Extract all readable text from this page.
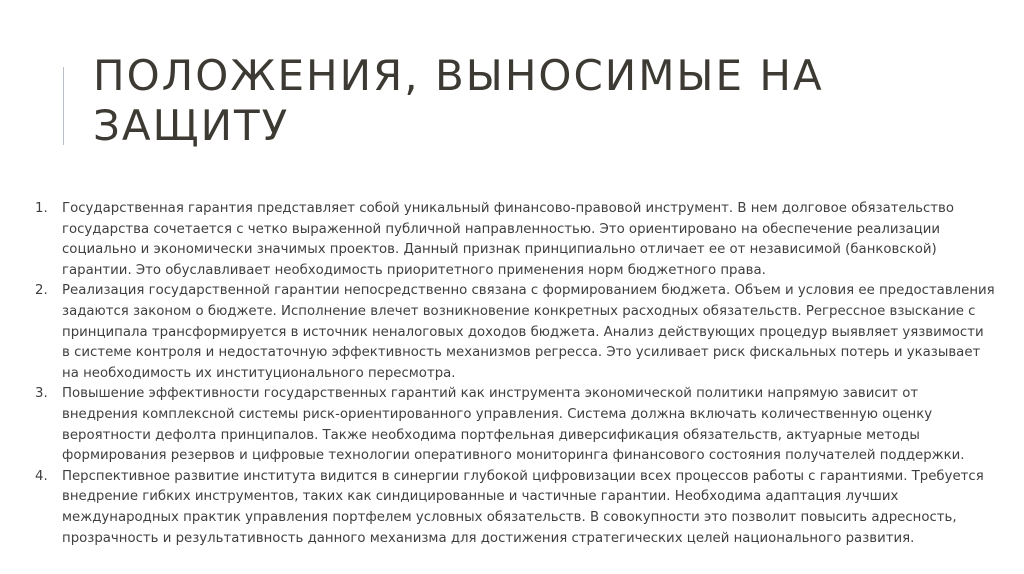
ПОЛОЖЕНИЯ, ВЫНОСИМЫЕ НА ЗАЩИТУ
1. Государственная гарантия представляет собой уникальный финансово-правовой инструмент. В нем долговое обязательство государства сочетается с четко выраженной публичной направленностью. Это ориентировано на обеспечение реализации социально и экономически значимых проектов. Данный признак принципиально отличает ее от независимой (банковской) гарантии. Это обуславливает необходимость приоритетного применения норм бюджетного права.
2. Реализация государственной гарантии непосредственно связана с формированием бюджета. Объем и условия ее предоставления задаются законом о бюджете. Исполнение влечет возникновение конкретных расходных обязательств. Регрессное взыскание с принципала трансформируется в источник неналоговых доходов бюджета. Анализ действующих процедур выявляет уязвимости в системе контроля и недостаточную эффективность механизмов регресса. Это усиливает риск фискальных потерь и указывает на необходимость их институционального пересмотра.
3. Повышение эффективности государственных гарантий как инструмента экономической политики напрямую зависит от внедрения комплексной системы риск-ориентированного управления. Система должна включать количественную оценку вероятности дефолта принципалов. Также необходима портфельная диверсификация обязательств, актуарные методы формирования резервов и цифровые технологии оперативного мониторинга финансового состояния получателей поддержки.
4. Перспективное развитие института видится в синергии глубокой цифровизации всех процессов работы с гарантиями. Требуется внедрение гибких инструментов, таких как синдицированные и частичные гарантии. Необходима адаптация лучших международных практик управления портфелем условных обязательств. В совокупности это позволит повысить адресность, прозрачность и результативность данного механизма для достижения стратегических целей национального развития.
